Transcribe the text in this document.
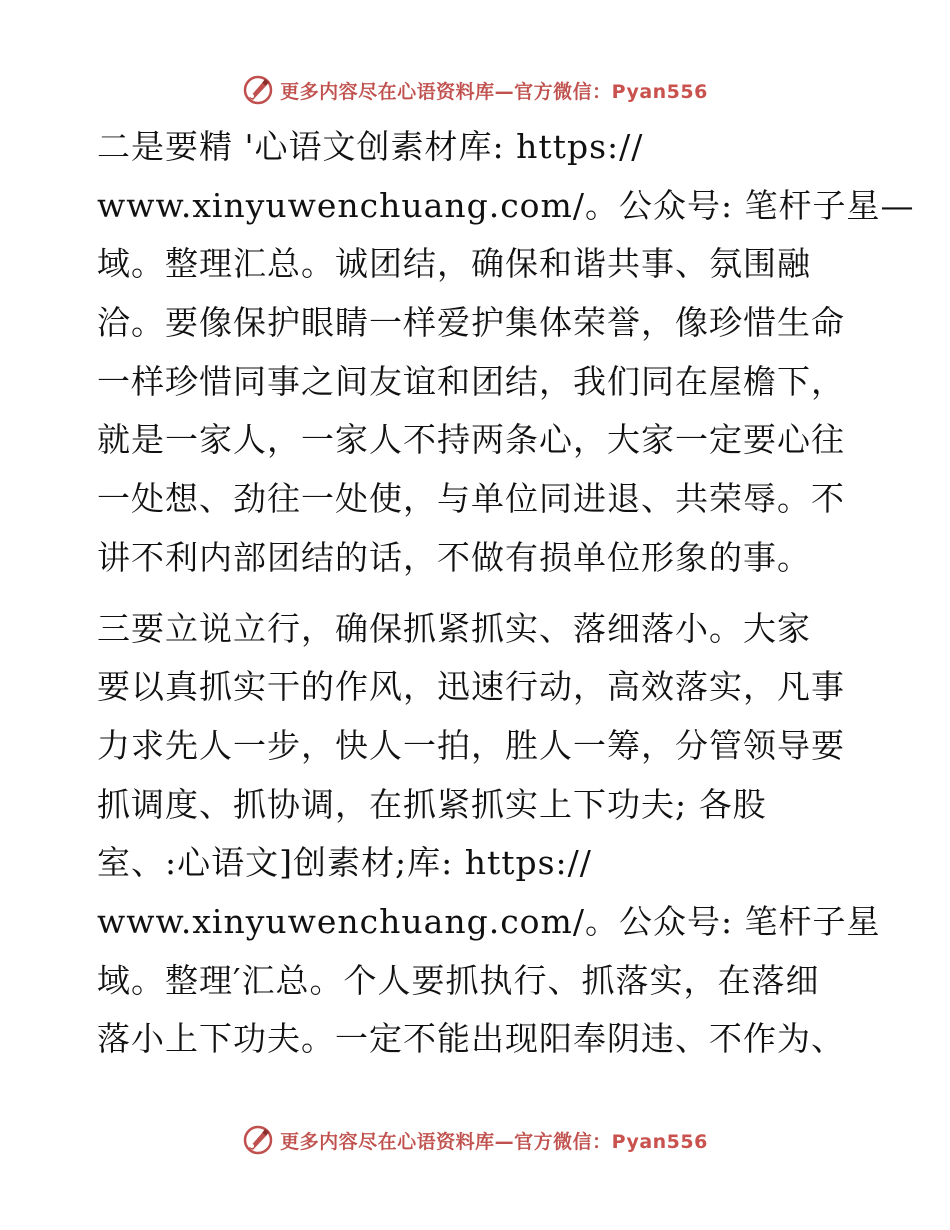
更多内容尽在心语资料库—官方微信：Pyan556
二是要精 '心语文创素材库: https://
www.xinyuwenchuang.com/。公众号: 笔杆子星—
域。整理汇总。诚团结，确保和谐共事、氛围融
洽。要像保护眼睛一样爱护集体荣誉，像珍惜生命
一样珍惜同事之间友谊和团结，我们同在屋檐下，
就是一家人，一家人不持两条心，大家一定要心往
一处想、劲往一处使，与单位同进退、共荣辱。不
讲不利内部团结的话，不做有损单位形象的事。
三要立说立行，确保抓紧抓实、落细落小。大家
要以真抓实干的作风，迅速行动，高效落实，凡事
力求先人一步，快人一拍，胜人一筹，分管领导要
抓调度、抓协调，在抓紧抓实上下功夫; 各股
室、:心语文]创素材;库: https://
www.xinyuwenchuang.com/。公众号: 笔杆子星
域。整理′汇总。个人要抓执行、抓落实，在落细
落小上下功夫。一定不能出现阳奉阴违、不作为、
更多内容尽在心语资料库—官方微信：Pyan556
